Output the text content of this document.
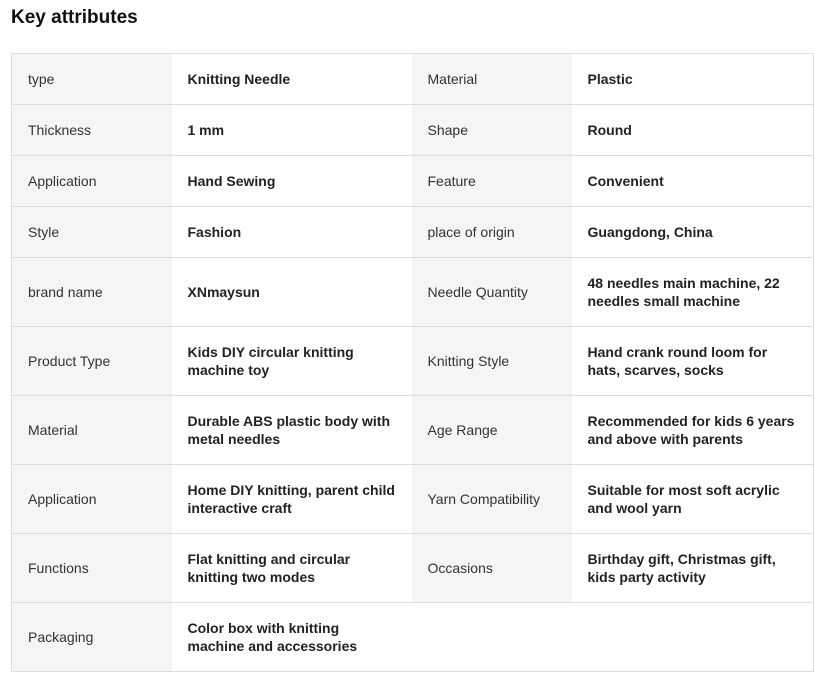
Key attributes
type	Knitting Needle	Material	Plastic
Thickness	1 mm	Shape	Round
Application	Hand Sewing	Feature	Convenient
Style	Fashion	place of origin	Guangdong, China
brand name	XNmaysun	Needle Quantity	48 needles main machine, 22 needles small machine
Product Type	Kids DIY circular knitting machine toy	Knitting Style	Hand crank round loom for hats, scarves, socks
Material	Durable ABS plastic body with metal needles	Age Range	Recommended for kids 6 years and above with parents
Application	Home DIY knitting, parent child interactive craft	Yarn Compatibility	Suitable for most soft acrylic and wool yarn
Functions	Flat knitting and circular knitting two modes	Occasions	Birthday gift, Christmas gift, kids party activity
Packaging	Color box with knitting machine and accessories		
